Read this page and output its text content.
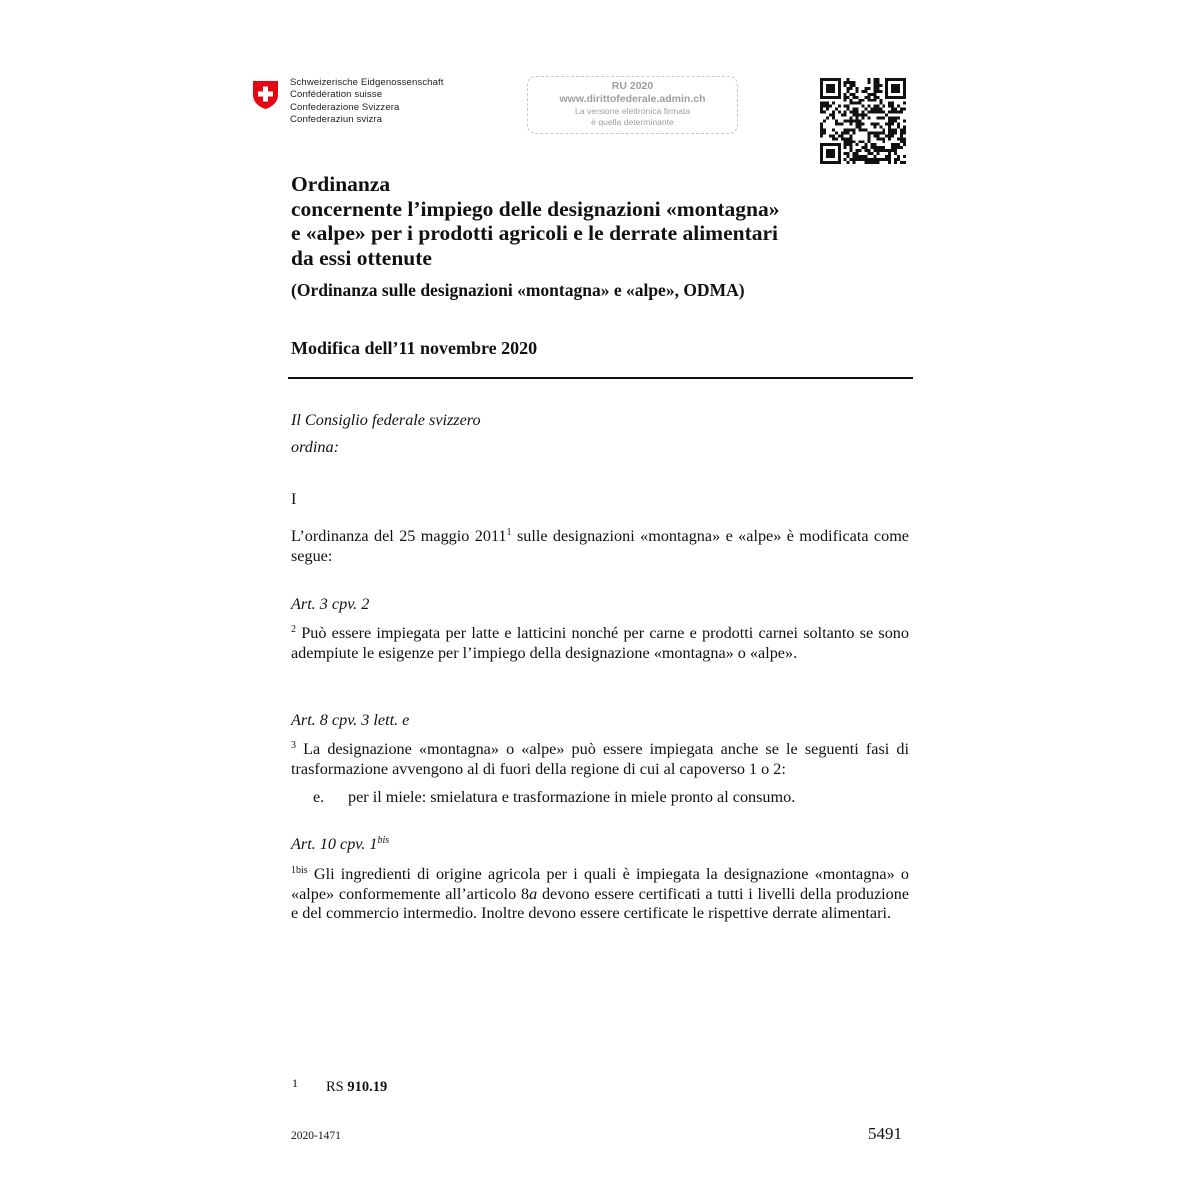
Schweizerische Eidgenossenschaft
Confédération suisse
Confederazione Svizzera
Confederaziun svizra
RU 2020
www.dirittofederale.admin.ch
La versione elettronica firmata
è quella determinante
Ordinanza
concernente l’impiego delle designazioni «montagna»
e «alpe» per i prodotti agricoli e le derrate alimentari
da essi ottenute
(Ordinanza sulle designazioni «montagna» e «alpe», ODMA)
Modifica dell’11 novembre 2020
Il Consiglio federale svizzero
ordina:
I
L’ordinanza del 25 maggio 2011$^1$ sulle designazioni «montagna» e «alpe» è modificata come segue:
Art. 3 cpv. 2
$^2$ Può essere impiegata per latte e latticini nonché per carne e prodotti carnei soltanto se sono adempiute le esigenze per l’impiego della designazione «montagna» o «alpe».
Art. 8 cpv. 3 lett. e
$^3$ La designazione «montagna» o «alpe» può essere impiegata anche se le seguenti fasi di trasformazione avvengono al di fuori della regione di cui al capoverso 1 o 2:
e. per il miele: smielatura e trasformazione in miele pronto al consumo.
Art. 10 cpv. $1^{bis}$
$^{1bis}$ Gli ingredienti di origine agricola per i quali è impiegata la designazione «montagna» o «alpe» conformemente all’articolo 8a devono essere certificati a tutti i livelli della produzione e del commercio intermedio. Inoltre devono essere certificate le rispettive derrate alimentari.
1 RS 910.19
2020-1471	5491
